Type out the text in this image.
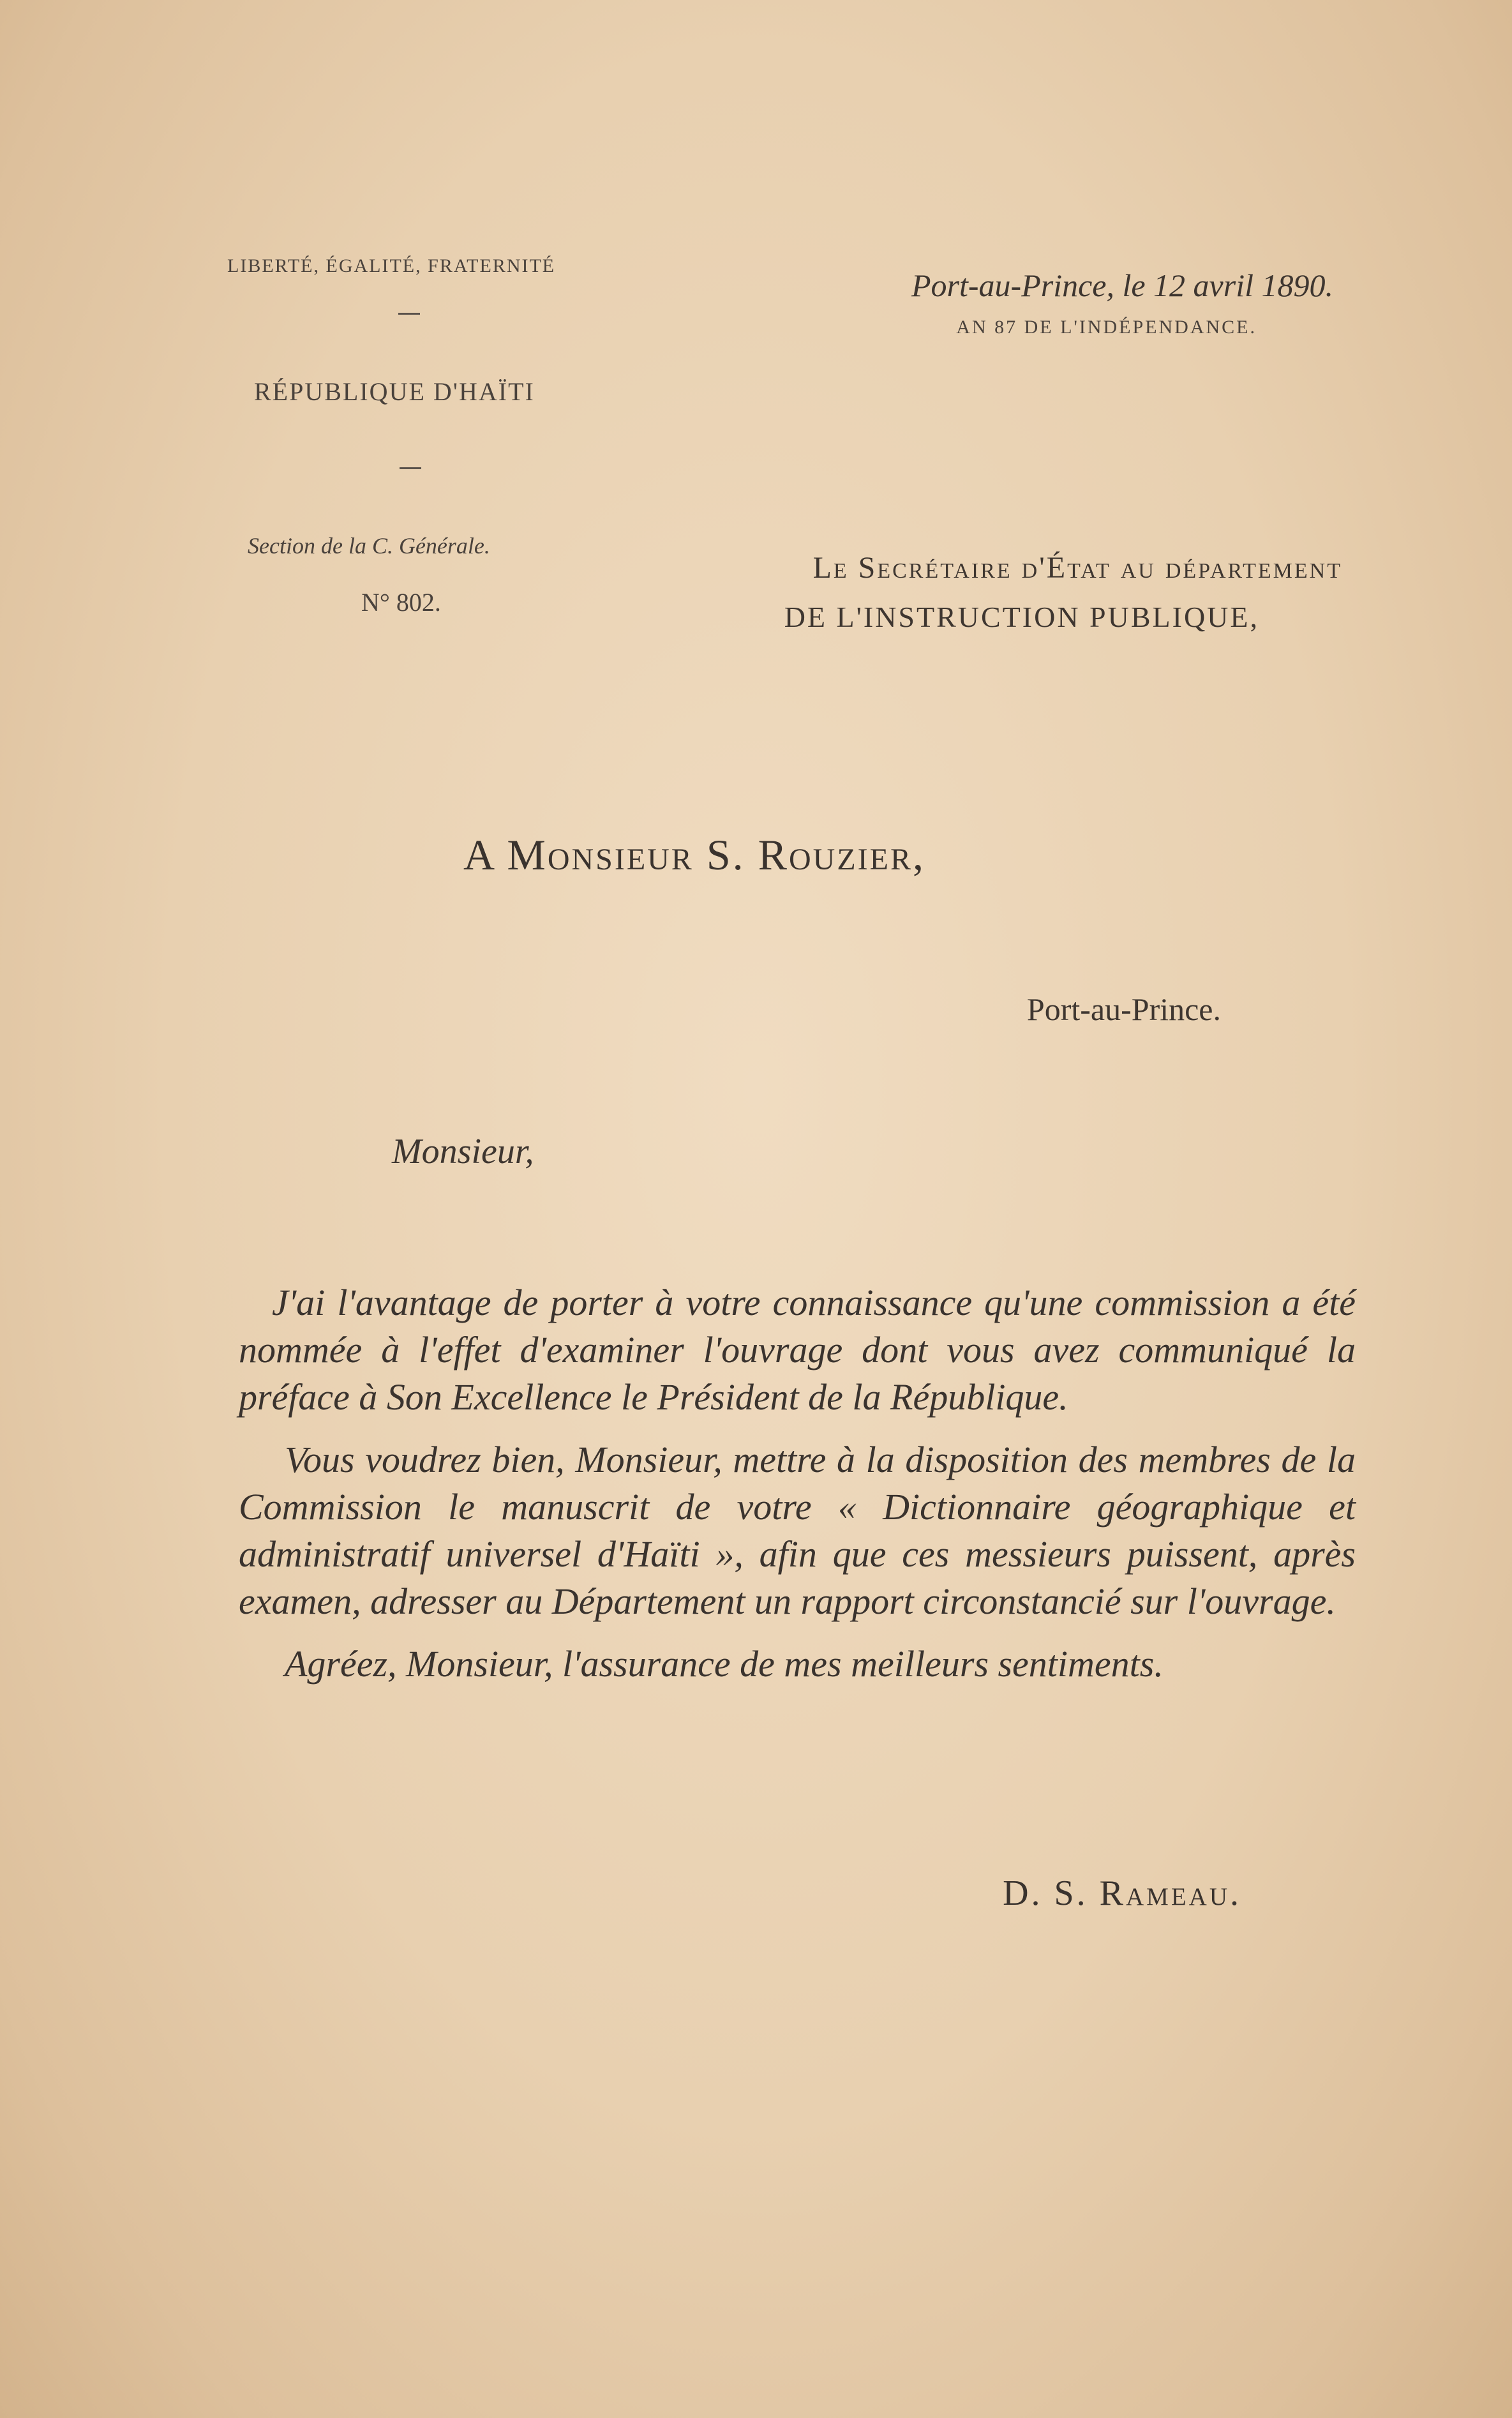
LIBERTÉ, ÉGALITÉ, FRATERNITÉ
RÉPUBLIQUE D'HAÏTI
Section de la C. Générale.
N° 802.
Port-au-Prince, le 12 avril 1890.
AN 87 DE L'INDÉPENDANCE.
Le Secrétaire d'État au département
DE L'INSTRUCTION PUBLIQUE,
A Monsieur S. Rouzier,
Port-au-Prince.
Monsieur,

J'ai l'avantage de porter à votre connaissance qu'une commission a été nommée à l'effet d'examiner l'ouvrage dont vous avez communiqué la préface à Son Excellence le Président de la République.

Vous voudrez bien, Monsieur, mettre à la disposition des membres de la Commission le manuscrit de votre « Dictionnaire géographique et administratif universel d'Haïti », afin que ces messieurs puissent, après examen, adresser au Département un rapport circonstancié sur l'ouvrage.

Agréez, Monsieur, l'assurance de mes meilleurs sentiments.

D. S. Rameau.
